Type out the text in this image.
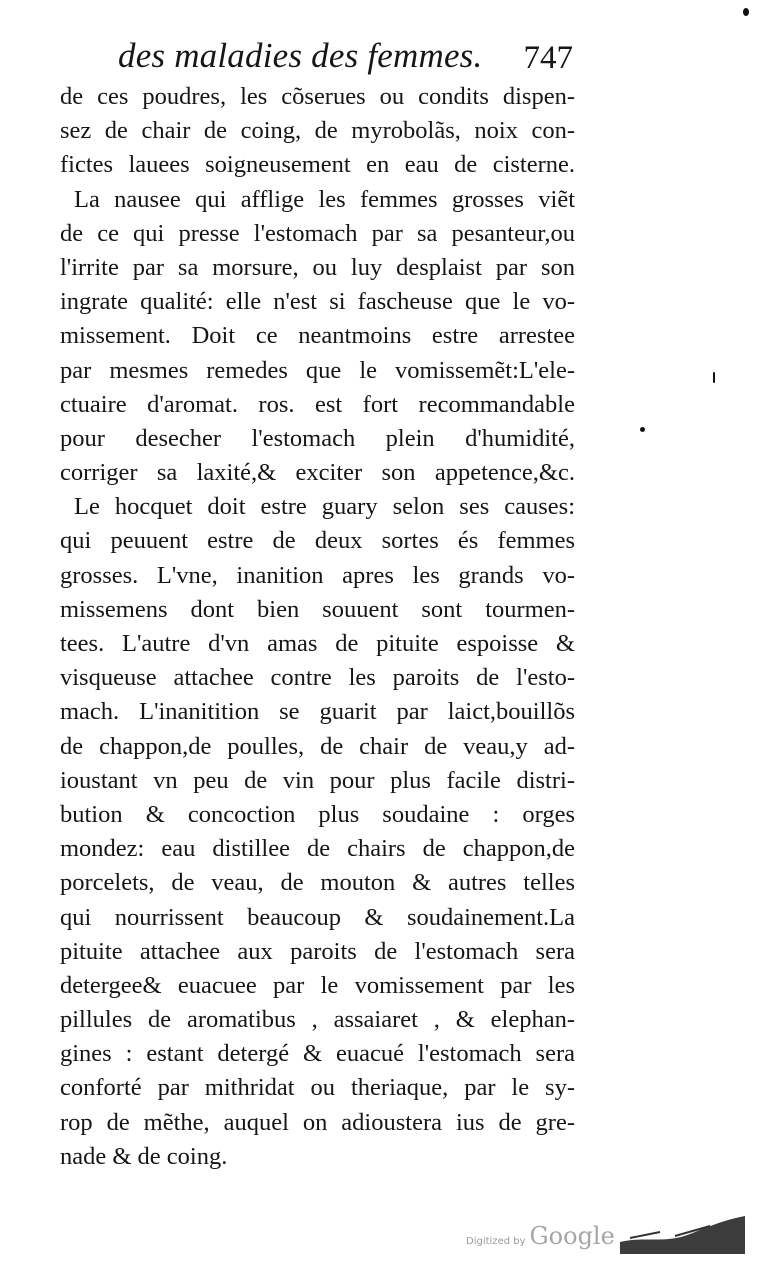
des maladies des femmes. 747
de ces poudres, les cõserues ou condits dispen-
sez de chair de coing, de myrobolãs, noix con-
fictes lauees soigneusement en eau de cisterne.
La nausee qui afflige les femmes grosses viẽt
de ce qui presse l'estomach par sa pesanteur,ou
l'irrite par sa morsure, ou luy desplaist par son
ingrate qualité: elle n'est si fascheuse que le vo-
missement. Doit ce neantmoins estre arrestee
par mesmes remedes que le vomissemẽt:L'ele-
ctuaire d'aromat. ros. est fort recommandable
pour desecher l'estomach plein d'humidité,
corriger sa laxité,& exciter son appetence,&c.
Le hocquet doit estre guary selon ses causes:
qui peuuent estre de deux sortes és femmes
grosses. L'vne, inanition apres les grands vo-
missemens dont bien souuent sont tourmen-
tees. L'autre d'vn amas de pituite espoisse &
visqueuse attachee contre les paroits de l'esto-
mach. L'inanitition se guarit par laict,bouillõs
de chappon,de poulles, de chair de veau,y ad-
ioustant vn peu de vin pour plus facile distri-
bution & concoction plus soudaine : orges
mondez: eau distillee de chairs de chappon,de
porcelets, de veau, de mouton & autres telles
qui nourrissent beaucoup & soudainement.La
pituite attachee aux paroits de l'estomach sera
detergee& euacuee par le vomissement par les
pillules de aromatibus , assaiaret , & elephan-
gines : estant detergé & euacué l'estomach sera
conforté par mithridat ou theriaque, par le sy-
rop de mẽthe, auquel on adioustera ius de gre-
nade & de coing.
Digitized by Google
